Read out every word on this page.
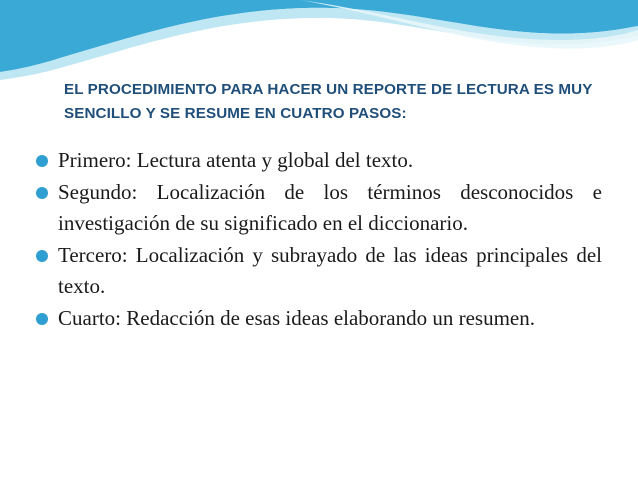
EL PROCEDIMIENTO PARA HACER UN REPORTE DE LECTURA ES MUY SENCILLO Y SE RESUME EN CUATRO PASOS:
Primero: Lectura atenta y global del texto.
Segundo: Localización de los términos desconocidos e investigación de su significado en el diccionario.
Tercero: Localización y subrayado de las ideas principales del texto.
Cuarto: Redacción de esas ideas elaborando un resumen.
